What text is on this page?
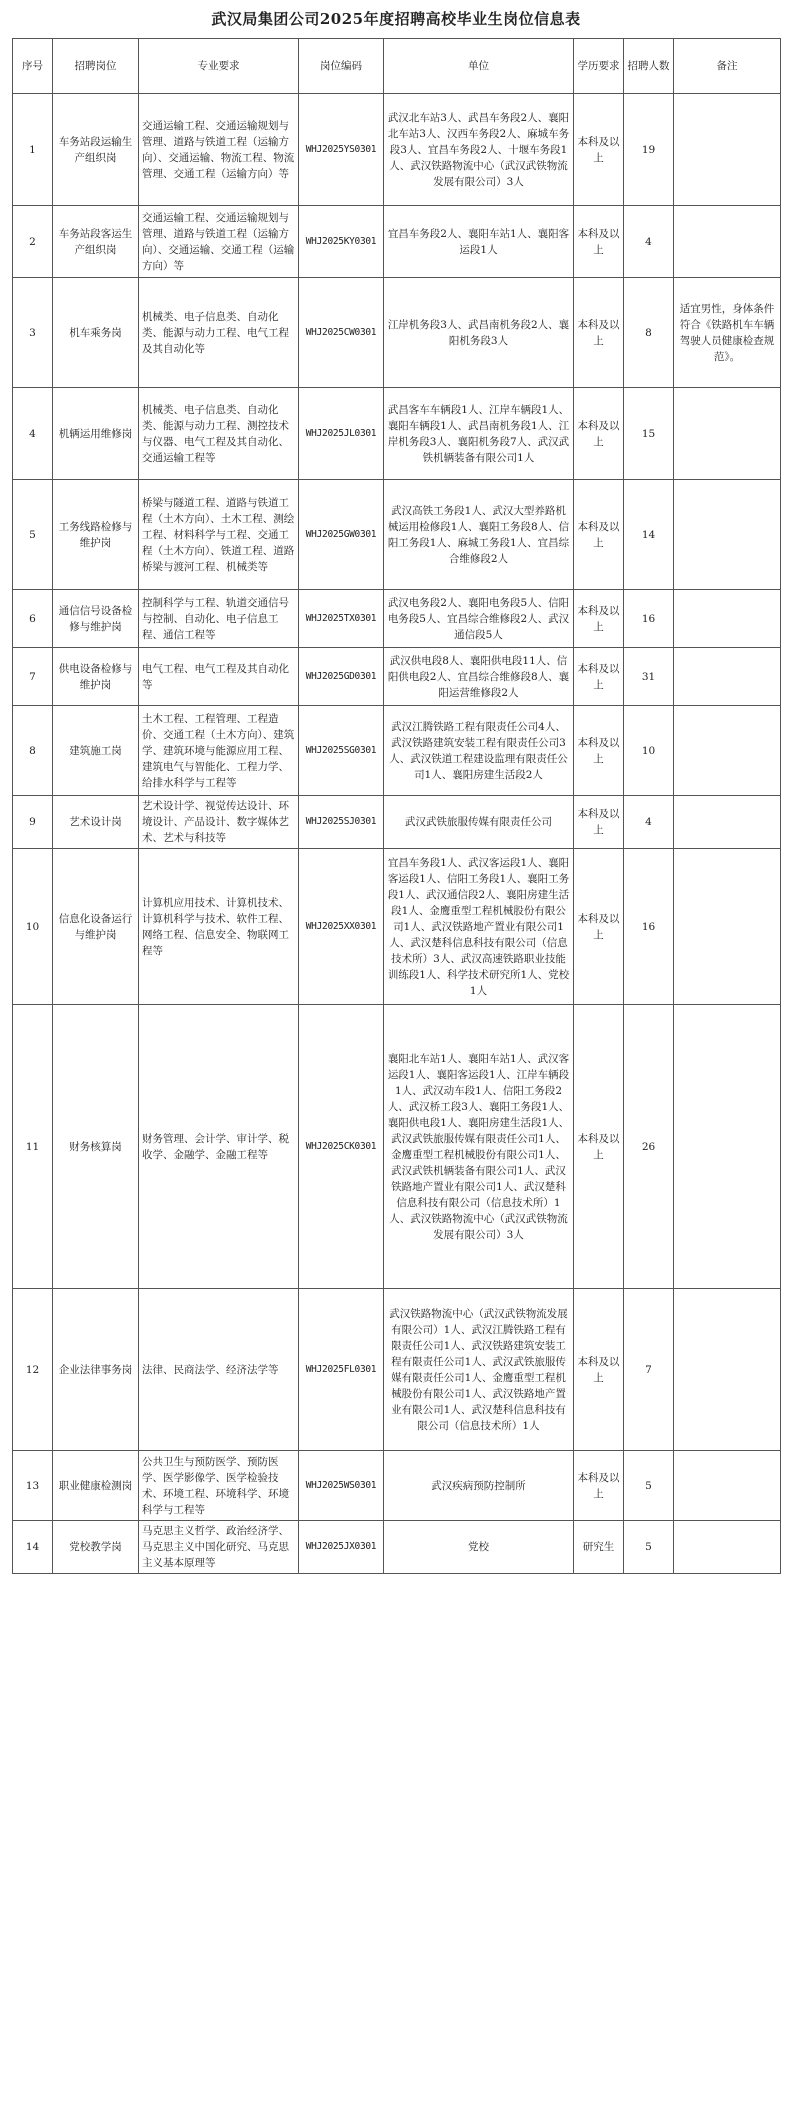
武汉局集团公司2025年度招聘高校毕业生岗位信息表
序号	招聘岗位	专业要求	岗位编码	单位	学历要求	招聘人数	备注
1	车务站段运输生产组织岗	交通运输工程、交通运输规划与管理、道路与铁道工程（运输方向）、交通运输、物流工程、物流管理、交通工程（运输方向）等	WHJ2025YS0301	武汉北车站3人、武昌车务段2人、襄阳北车站3人、汉西车务段2人、麻城车务段3人、宜昌车务段2人、十堰车务段1人、武汉铁路物流中心（武汉武铁物流发展有限公司）3人	本科及以上	19	
2	车务站段客运生产组织岗	交通运输工程、交通运输规划与管理、道路与铁道工程（运输方向）、交通运输、交通工程（运输方向）等	WHJ2025KY0301	宜昌车务段2人、襄阳车站1人、襄阳客运段1人	本科及以上	4	
3	机车乘务岗	机械类、电子信息类、自动化类、能源与动力工程、电气工程及其自动化等	WHJ2025CW0301	江岸机务段3人、武昌南机务段2人、襄阳机务段3人	本科及以上	8	适宜男性，身体条件符合《铁路机车车辆驾驶人员健康检查规范》。
4	机辆运用维修岗	机械类、电子信息类、自动化类、能源与动力工程、测控技术与仪器、电气工程及其自动化、交通运输工程等	WHJ2025JL0301	武昌客车车辆段1人、江岸车辆段1人、襄阳车辆段1人、武昌南机务段1人、江岸机务段3人、襄阳机务段7人、武汉武铁机辆装备有限公司1人	本科及以上	15	
5	工务线路检修与维护岗	桥梁与隧道工程、道路与铁道工程（土木方向）、土木工程、测绘工程、材料科学与工程、交通工程（土木方向）、铁道工程、道路桥梁与渡河工程、机械类等	WHJ2025GW0301	武汉高铁工务段1人、武汉大型养路机械运用检修段1人、襄阳工务段8人、信阳工务段1人、麻城工务段1人、宜昌综合维修段2人	本科及以上	14	
6	通信信号设备检修与维护岗	控制科学与工程、轨道交通信号与控制、自动化、电子信息工程、通信工程等	WHJ2025TX0301	武汉电务段2人、襄阳电务段5人、信阳电务段5人、宜昌综合维修段2人、武汉通信段5人	本科及以上	16	
7	供电设备检修与维护岗	电气工程、电气工程及其自动化等	WHJ2025GD0301	武汉供电段8人、襄阳供电段11人、信阳供电段2人、宜昌综合维修段8人、襄阳运营维修段2人	本科及以上	31	
8	建筑施工岗	土木工程、工程管理、工程造价、交通工程（土木方向）、建筑学、建筑环境与能源应用工程、建筑电气与智能化、工程力学、给排水科学与工程等	WHJ2025SG0301	武汉江腾铁路工程有限责任公司4人、武汉铁路建筑安装工程有限责任公司3人、武汉铁道工程建设监理有限责任公司1人、襄阳房建生活段2人	本科及以上	10	
9	艺术设计岗	艺术设计学、视觉传达设计、环境设计、产品设计、数字媒体艺术、艺术与科技等	WHJ2025SJ0301	武汉武铁旅服传媒有限责任公司	本科及以上	4	
10	信息化设备运行与维护岗	计算机应用技术、计算机技术、计算机科学与技术、软件工程、网络工程、信息安全、物联网工程等	WHJ2025XX0301	宜昌车务段1人、武汉客运段1人、襄阳客运段1人、信阳工务段1人、襄阳工务段1人、武汉通信段2人、襄阳房建生活段1人、金鹰重型工程机械股份有限公司1人、武汉铁路地产置业有限公司1人、武汉楚科信息科技有限公司（信息技术所）3人、武汉高速铁路职业技能训练段1人、科学技术研究所1人、党校1人	本科及以上	16	
11	财务核算岗	财务管理、会计学、审计学、税收学、金融学、金融工程等	WHJ2025CK0301	襄阳北车站1人、襄阳车站1人、武汉客运段1人、襄阳客运段1人、江岸车辆段1人、武汉动车段1人、信阳工务段2人、武汉桥工段3人、襄阳工务段1人、襄阳供电段1人、襄阳房建生活段1人、武汉武铁旅服传媒有限责任公司1人、金鹰重型工程机械股份有限公司1人、武汉武铁机辆装备有限公司1人、武汉铁路地产置业有限公司1人、武汉楚科信息科技有限公司（信息技术所）1人、武汉铁路物流中心（武汉武铁物流发展有限公司）3人	本科及以上	26	
12	企业法律事务岗	法律、民商法学、经济法学等	WHJ2025FL0301	武汉铁路物流中心（武汉武铁物流发展有限公司）1人、武汉江腾铁路工程有限责任公司1人、武汉铁路建筑安装工程有限责任公司1人、武汉武铁旅服传媒有限责任公司1人、金鹰重型工程机械股份有限公司1人、武汉铁路地产置业有限公司1人、武汉楚科信息科技有限公司（信息技术所）1人	本科及以上	7	
13	职业健康检测岗	公共卫生与预防医学、预防医学、医学影像学、医学检验技术、环境工程、环境科学、环境科学与工程等	WHJ2025WS0301	武汉疾病预防控制所	本科及以上	5	
14	党校教学岗	马克思主义哲学、政治经济学、马克思主义中国化研究、马克思主义基本原理等	WHJ2025JX0301	党校	研究生	5	
